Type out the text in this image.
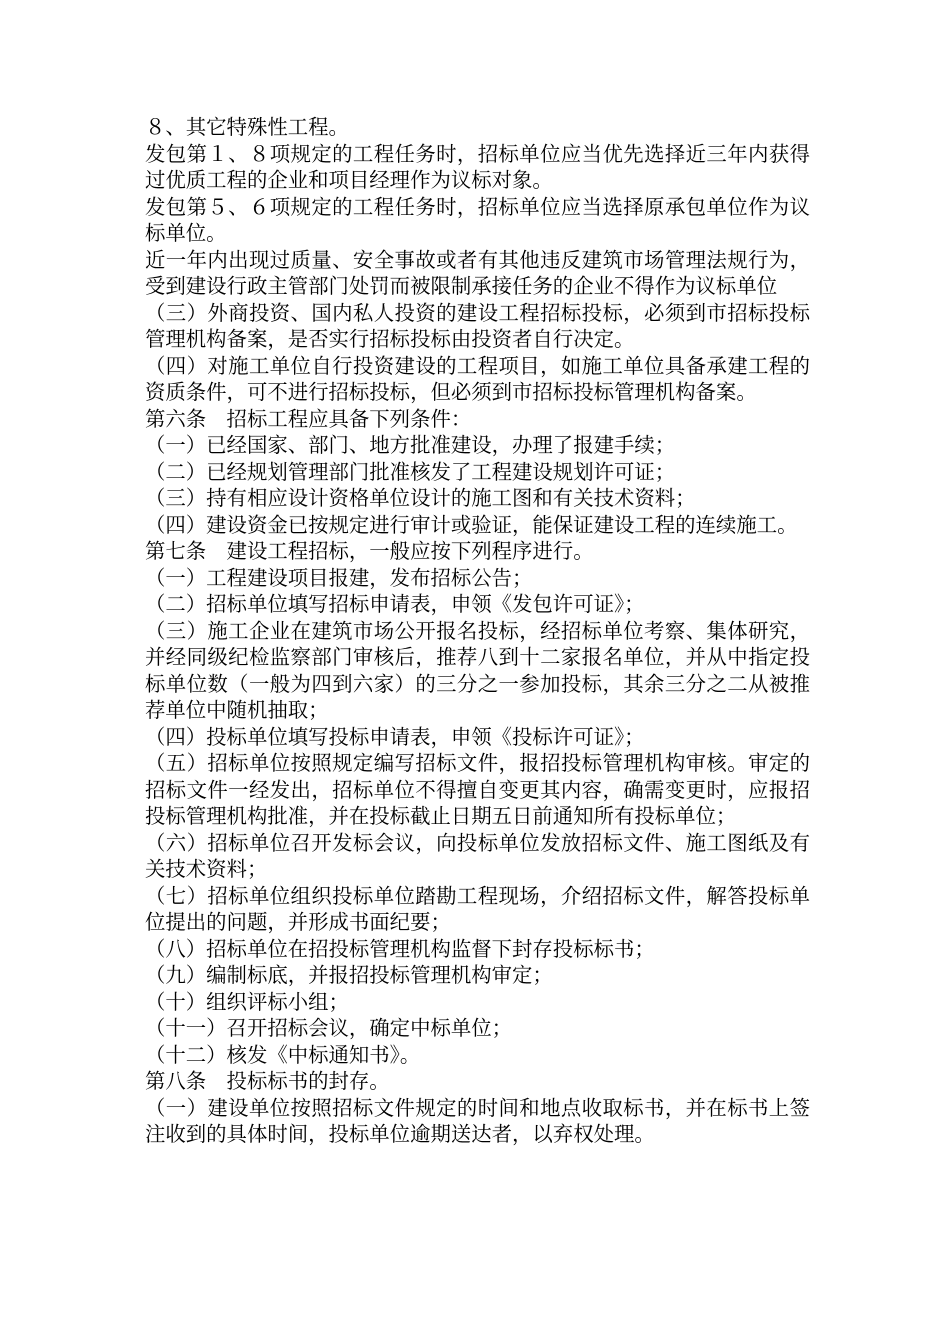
８、其它特殊性工程。

发包第１、８项规定的工程任务时，招标单位应当优先选择近三年内获得过优质工程的企业和项目经理作为议标对象。

发包第５、６项规定的工程任务时，招标单位应当选择原承包单位作为议标单位。

近一年内出现过质量、安全事故或者有其他违反建筑市场管理法规行为，受到建设行政主管部门处罚而被限制承接任务的企业不得作为议标单位

（三）外商投资、国内私人投资的建设工程招标投标，必须到市招标投标管理机构备案，是否实行招标投标由投资者自行决定。

（四）对施工单位自行投资建设的工程项目，如施工单位具备承建工程的资质条件，可不进行招标投标，但必须到市招标投标管理机构备案。

第六条　招标工程应具备下列条件：

（一）已经国家、部门、地方批准建设，办理了报建手续；

（二）已经规划管理部门批准核发了工程建设规划许可证；

（三）持有相应设计资格单位设计的施工图和有关技术资料；

（四）建设资金已按规定进行审计或验证，能保证建设工程的连续施工。

第七条　建设工程招标，一般应按下列程序进行。

（一）工程建设项目报建，发布招标公告；

（二）招标单位填写招标申请表，申领《发包许可证》；

（三）施工企业在建筑市场公开报名投标，经招标单位考察、集体研究，并经同级纪检监察部门审核后，推荐八到十二家报名单位，并从中指定投标单位数（一般为四到六家）的三分之一参加投标，其余三分之二从被推荐单位中随机抽取；

（四）投标单位填写投标申请表，申领《投标许可证》；

（五）招标单位按照规定编写招标文件，报招投标管理机构审核。审定的招标文件一经发出，招标单位不得擅自变更其内容，确需变更时，应报招投标管理机构批准，并在投标截止日期五日前通知所有投标单位；

（六）招标单位召开发标会议，向投标单位发放招标文件、施工图纸及有关技术资料；

（七）招标单位组织投标单位踏勘工程现场，介绍招标文件，解答投标单位提出的问题，并形成书面纪要；

（八）招标单位在招投标管理机构监督下封存投标标书；

（九）编制标底，并报招投标管理机构审定；

（十）组织评标小组；

（十一）召开招标会议，确定中标单位；

（十二）核发《中标通知书》。

第八条　投标标书的封存。

（一）建设单位按照招标文件规定的时间和地点收取标书，并在标书上签注收到的具体时间，投标单位逾期送达者，以弃权处理。
